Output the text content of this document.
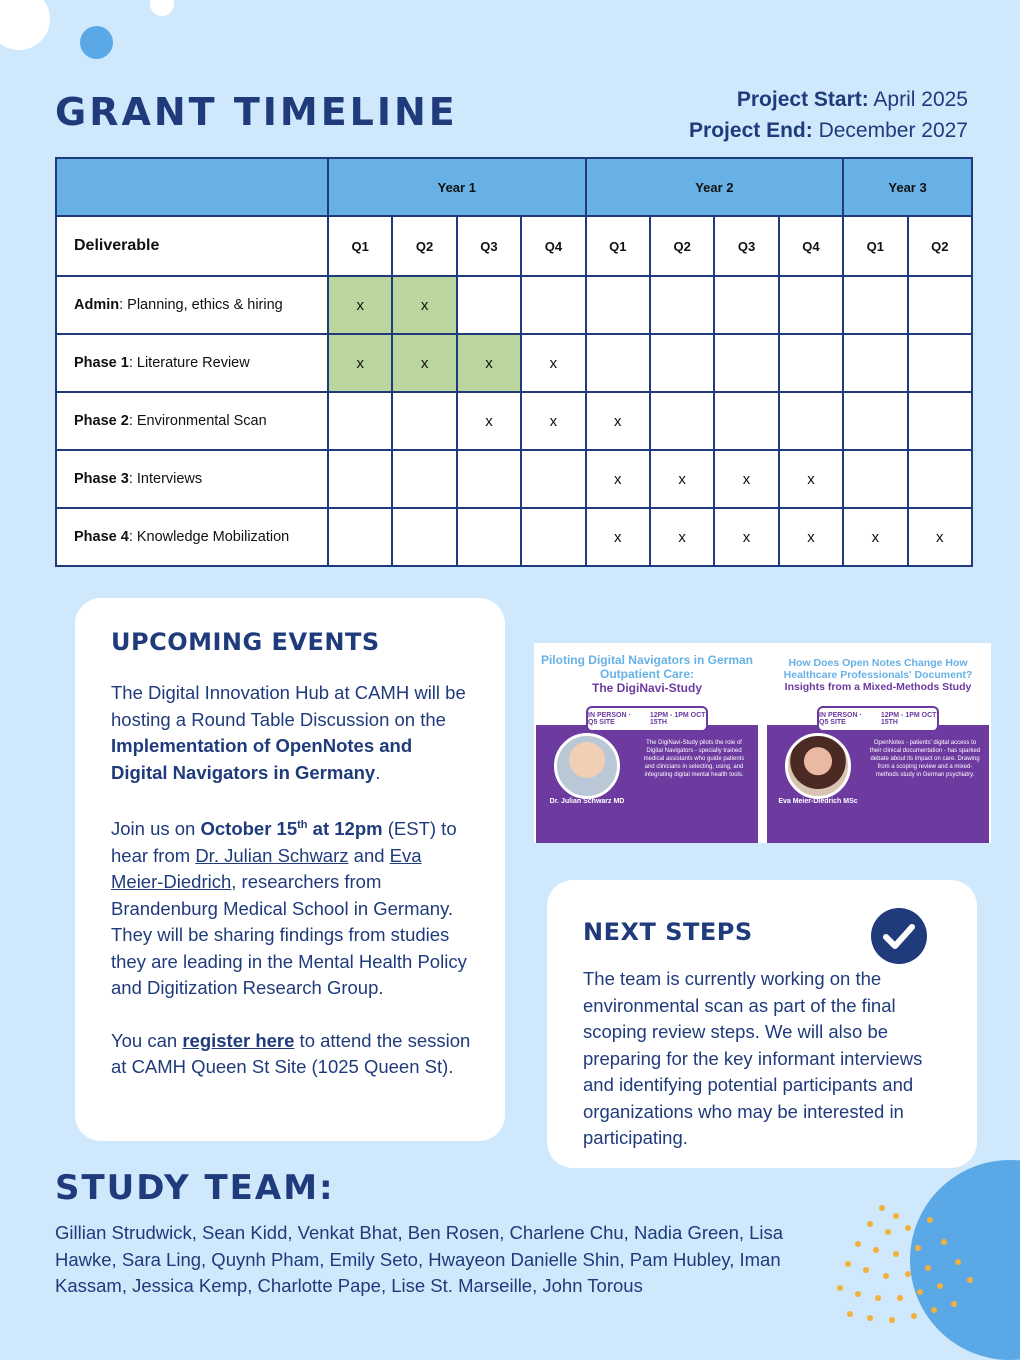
GRANT TIMELINE	Project Start: April 2025
Project End: December 2027
	Year 1				Year 2				Year 3	
Deliverable	Q1	Q2	Q3	Q4	Q1	Q2	Q3	Q4	Q1	Q2
Admin: Planning, ethics & hiring	x	x								
Phase 1: Literature Review	x	x	x	x						
Phase 2: Environmental Scan			x	x	x					
Phase 3: Interviews					x	x	x	x		
Phase 4: Knowledge Mobilization					x	x	x	x	x	x
UPCOMING EVENTS

The Digital Innovation Hub at CAMH will be hosting a Round Table Discussion on the Implementation of OpenNotes and Digital Navigators in Germany.

Join us on October 15th at 12pm (EST) to hear from Dr. Julian Schwarz and Eva Meier-Diedrich, researchers from Brandenburg Medical School in Germany. They will be sharing findings from studies they are leading in the Mental Health Policy and Digitization Research Group.

You can register here to attend the session at CAMH Queen St Site (1025 Queen St).

Piloting Digital Navigators in German Outpatient Care:
The DigiNavi-Study
IN PERSON · Q5 SITE
12PM - 1PM OCT 15TH
Dr. Julian Schwarz MD
The DigiNavi-Study pilots the role of Digital Navigators - specially trained medical assistants who guide patients and clinicians in selecting, using, and integrating digital mental health tools.
How Does Open Notes Change How Healthcare Professionals' Document?
Insights from a Mixed-Methods Study
IN PERSON · Q5 SITE
12PM - 1PM OCT 15TH
Eva Meier-Diedrich MSc
OpenNotes - patients' digital access to their clinical documentation - has sparked debate about its impact on care. Drawing from a scoping review and a mixed-methods study in German psychiatry.
NEXT STEPS

The team is currently working on the environmental scan as part of the final scoping review steps. We will also be preparing for the key informant interviews and identifying potential participants and organizations who may be interested in participating.

STUDY TEAM:

Gillian Strudwick, Sean Kidd, Venkat Bhat, Ben Rosen, Charlene Chu, Nadia Green, Lisa Hawke, Sara Ling, Quynh Pham, Emily Seto, Hwayeon Danielle Shin, Pam Hubley, Iman Kassam, Jessica Kemp, Charlotte Pape, Lise St. Marseille, John Torous
